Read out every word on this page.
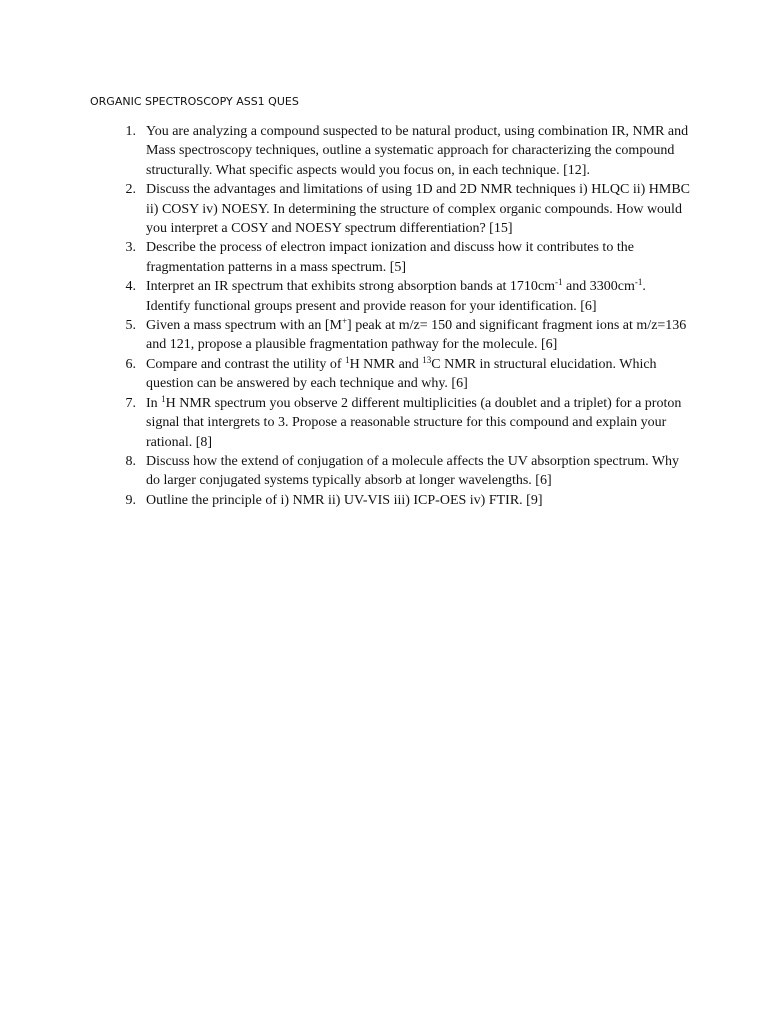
ORGANIC SPECTROSCOPY ASS1 QUES
1. You are analyzing a compound suspected to be natural product, using combination IR, NMR and Mass spectroscopy techniques, outline a systematic approach for characterizing the compound structurally. What specific aspects would you focus on, in each technique. [12].
2. Discuss the advantages and limitations of using 1D and 2D NMR techniques i) HLQC ii) HMBC ii) COSY iv) NOESY. In determining the structure of complex organic compounds. How would you interpret a COSY and NOESY spectrum differentiation? [15]
3. Describe the process of electron impact ionization and discuss how it contributes to the fragmentation patterns in a mass spectrum. [5]
4. Interpret an IR spectrum that exhibits strong absorption bands at $1710cm^{-1}$ and $3300cm^{-1}$. Identify functional groups present and provide reason for your identification. [6]
5. Given a mass spectrum with an [M+] peak at m/z= 150 and significant fragment ions at m/z=136 and 121, propose a plausible fragmentation pathway for the molecule. [6]
6. Compare and contrast the utility of $^1$H NMR and $^{13}$C NMR in structural elucidation. Which question can be answered by each technique and why. [6]
7. In $^1$H NMR spectrum you observe 2 different multiplicities (a doublet and a triplet) for a proton signal that intergrets to 3. Propose a reasonable structure for this compound and explain your rational. [8]
8. Discuss how the extend of conjugation of a molecule affects the UV absorption spectrum. Why do larger conjugated systems typically absorb at longer wavelengths. [6]
9. Outline the principle of i) NMR ii) UV-VIS iii) ICP-OES iv) FTIR. [9]
